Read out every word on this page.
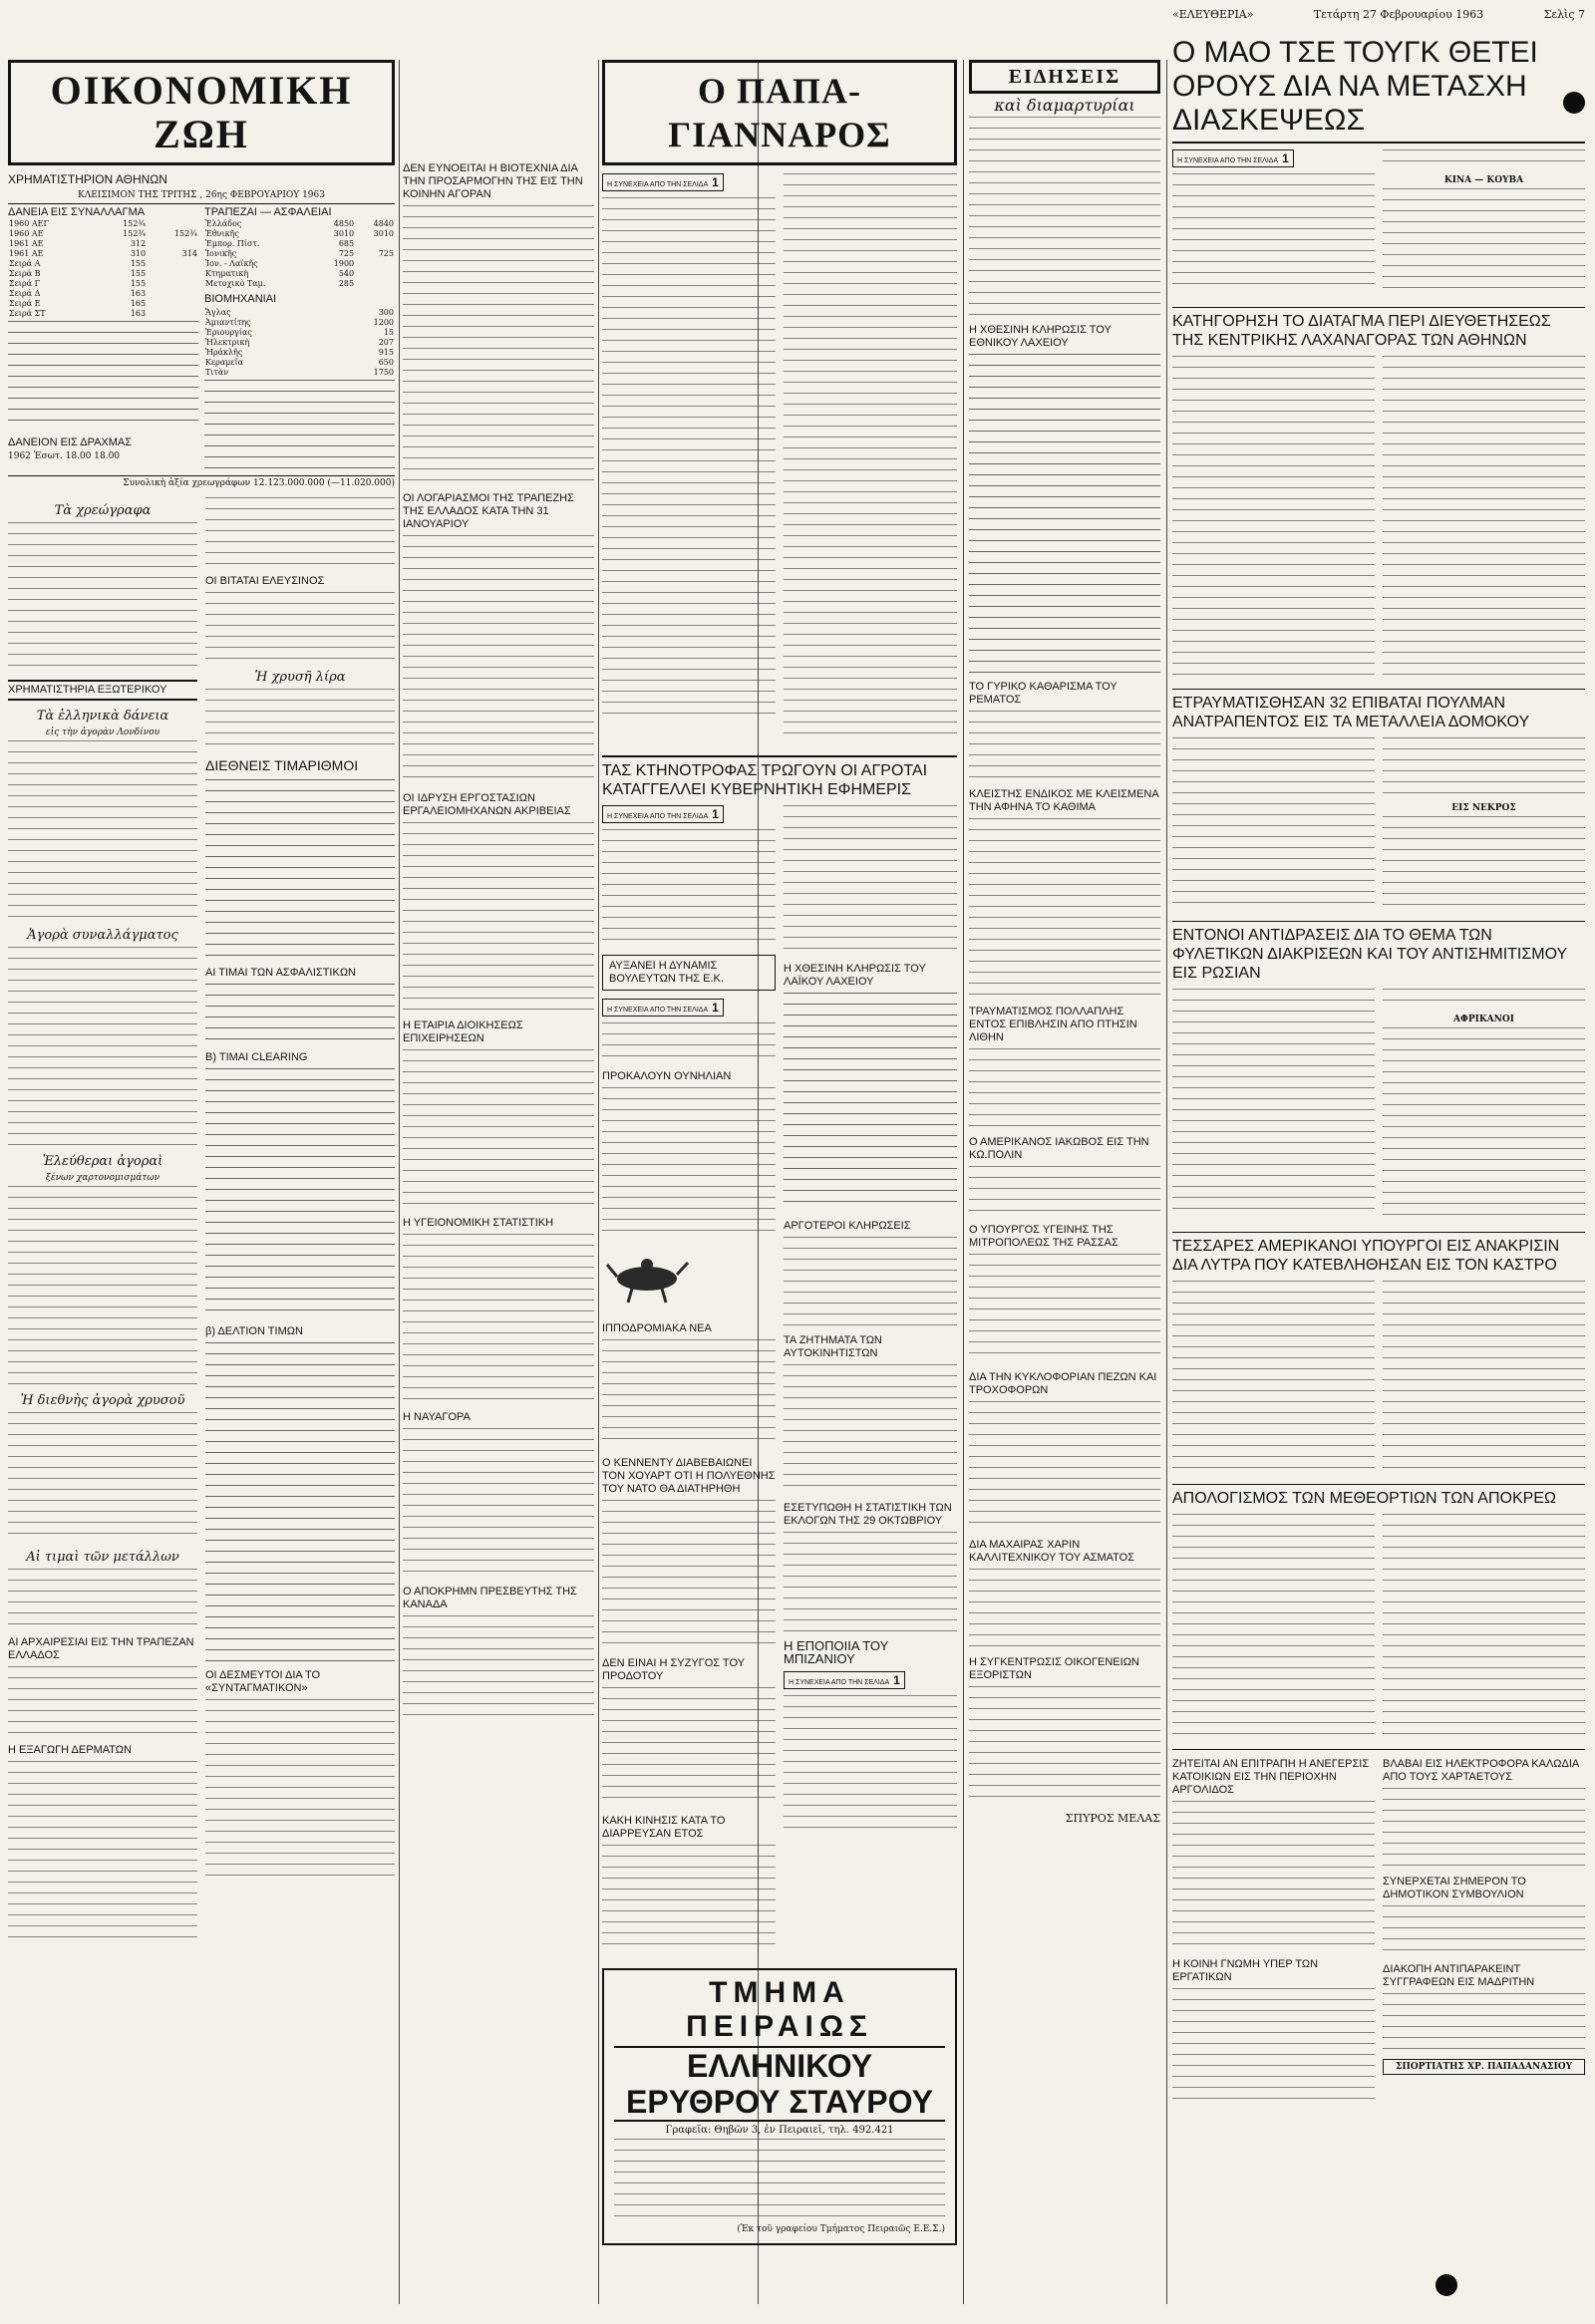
ΟΙΚΟΝΟΜΙΚΗ ΖΩΗ
ΧΡΗΜΑΤΙΣΤΗΡΙΟΝ ΑΘΗΝΩΝ
ΚΛΕΙΣΙΜΟΝ ΤΗΣ ΤΡΙΤΗΣ , 26ης ΦΕΒΡΟΥΑΡΙΟΥ 1963
ΔΑΝΕΙΑ ΕΙΣ ΣΥΝΑΛΛΑΓΜΑ
1960 ΑΕΓ	152¾	
1960 ΑΕ	152¾	152¾
1961 ΑΕ	312	
1961 ΑΕ	310	314
Σειρά Α	155	
Σειρά Β	155	
Σειρά Γ	155	
Σειρά Δ	163	
Σειρά Ε	165	
Σειρά ΣΤ	163	
ΔΑΝΕΙΟΝ ΕΙΣ ΔΡΑΧΜΑΣ
1962 Ἐσωτ. 18.00 18.00
ΤΡΑΠΕΖΑΙ — ΑΣΦΑΛΕΙΑΙ
Ἑλλάδος	4850	4840
Ἐθνικῆς	3010	3010
Ἐμπορ. Πίστ.	685	
Ἰονικῆς	725	725
Ἰον. - Λαϊκῆς	1900	
Κτηματικὴ	540	
Μετοχικὸ Ταμ.	285	
ΒΙΟΜΗΧΑΝΙΑΙ
Ἄγλας	300
Ἀμιαντίτης	1200
Ἐριουργίας	15
Ἠλεκτρικὴ	207
Ἡράκλῆς	915
Κεραμεῖα	650
Τιτὰν	1750
Συνολικὴ ἀξία χρεωγράφων 12.123.000.000 (—11.020.000)
Τὰ χρεώγραφα
ΧΡΗΜΑΤΙΣΤΗΡΙΑ ΕΞΩΤΕΡΙΚΟΥ
Τὰ ἑλληνικὰ δάνεια
εἰς τὴν ἀγορὰν Λονδίνου
Ἀγορὰ συναλλάγματος
Ἐλεύθεραι ἀγοραὶ
ξένων χαρτονομισμάτων
Ἡ διεθνὴς ἀγορὰ χρυσοῦ
Αἱ τιμαὶ τῶν μετάλλων
ΑΙ ΑΡΧΑΙΡΕΣΙΑΙ ΕΙΣ ΤΗΝ ΤΡΑΠΕΖΑΝ ΕΛΛΑΔΟΣ
Η ΕΞΑΓΩΓΗ ΔΕΡΜΑΤΩΝ
ΟΙ ΒΙΤΑΤΑΙ ΕΛΕΥΣΙΝΟΣ
Ἡ χρυσῆ λίρα
ΔΙΕΘΝΕΙΣ ΤΙΜΑΡΙΘΜΟΙ
ΑΙ ΤΙΜΑΙ ΤΩΝ ΑΣΦΑΛΙΣΤΙΚΩΝ
Β) ΤΙΜΑΙ CLEARING
β) ΔΕΛΤΙΟΝ ΤΙΜΩΝ
ΟΙ ΔΕΣΜΕΥΤΟΙ ΔΙΑ ΤΟ «ΣΥΝΤΑΓΜΑΤΙΚΟΝ»
ΔΕΝ ΕΥΝΟΕΙΤΑΙ Η ΒΙΟΤΕΧΝΙΑ ΔΙΑ ΤΗΝ ΠΡΟΣΑΡΜΟΓΗΝ ΤΗΣ ΕΙΣ ΤΗΝ ΚΟΙΝΗΝ ΑΓΟΡΑΝ
ΟΙ ΛΟΓΑΡΙΑΣΜΟΙ ΤΗΣ ΤΡΑΠΕΖΗΣ ΤΗΣ ΕΛΛΑΔΟΣ ΚΑΤΑ ΤΗΝ 31 ΙΑΝΟΥΑΡΙΟΥ
ΟΙ ΙΔΡΥΣΗ ΕΡΓΟΣΤΑΣΙΩΝ ΕΡΓΑΛΕΙΟΜΗΧΑΝΩΝ ΑΚΡΙΒΕΙΑΣ
Η ΕΤΑΙΡΙΑ ΔΙΟΙΚΗΣΕΩΣ ΕΠΙΧΕΙΡΗΣΕΩΝ
Η ΥΓΕΙΟΝΟΜΙΚΗ ΣΤΑΤΙΣΤΙΚΗ
Η ΝΑΥΑΓΟΡΑ
Ο ΑΠΟΚΡΗΜΝ ΠΡΕΣΒΕΥΤΗΣ ΤΗΣ ΚΑΝΑΔΑ
Ο ΠΑΠΑ-ΓΙΑΝΝΑΡΟΣ
Η ΣΥΝΕΧΕΙΑ ΑΠΟ ΤΗΝ ΣΕΛΙΔΑ 1
ΤΑΣ ΚΤΗΝΟΤΡΟΦΑΣ ΤΡΩΓΟΥΝ ΟΙ ΑΓΡΟΤΑΙ ΚΑΤΑΓΓΕΛΛΕΙ ΚΥΒΕΡΝΗΤΙΚΗ ΕΦΗΜΕΡΙΣ
Η ΣΥΝΕΧΕΙΑ ΑΠΟ ΤΗΝ ΣΕΛΙΔΑ 1
ΑΥΞΑΝΕΙ Η ΔΥΝΑΜΙΣ ΒΟΥΛΕΥΤΩΝ ΤΗΣ Ε.Κ.
Η ΣΥΝΕΧΕΙΑ ΑΠΟ ΤΗΝ ΣΕΛΙΔΑ 1
ΠΡΟΚΑΛΟΥΝ ΟΥΝΗΛΙΑΝ
ΙΠΠΟΔΡΟΜΙΑΚΑ ΝΕΑ
Ο ΚΕΝΝΕΝΤΥ ΔΙΑΒΕΒΑΙΩΝΕΙ ΤΟΝ ΧΟΥΑΡΤ ΟΤΙ Η ΠΟΛΥΕΘΝΗΣ ΤΟΥ ΝΑΤΟ ΘΑ ΔΙΑΤΗΡΗΘΗ
ΔΕΝ ΕΙΝΑΙ Η ΣΥΖΥΓΟΣ ΤΟΥ ΠΡΟΔΟΤΟΥ
ΚΑΚΗ ΚΙΝΗΣΙΣ ΚΑΤΑ ΤΟ ΔΙΑΡΡΕΥΣΑΝ ΕΤΟΣ
Η ΧΘΕΣΙΝΗ ΚΛΗΡΩΣΙΣ ΤΟΥ ΛΑΪΚΟΥ ΛΑΧΕΙΟΥ
ΑΡΓΟΤΕΡΟΙ ΚΛΗΡΩΣΕΙΣ
ΤΑ ΖΗΤΗΜΑΤΑ ΤΩΝ ΑΥΤΟΚΙΝΗΤΙΣΤΩΝ
ΕΣΕΤΥΠΩΘΗ Η ΣΤΑΤΙΣΤΙΚΗ ΤΩΝ ΕΚΛΟΓΩΝ ΤΗΣ 29 ΟΚΤΩΒΡΙΟΥ
Η ΕΠΟΠΟΙΙΑ ΤΟΥ ΜΠΙΖΑΝΙΟΥ
Η ΣΥΝΕΧΕΙΑ ΑΠΟ ΤΗΝ ΣΕΛΙΔΑ 1
ΤΜΗΜΑ ΠΕΙΡΑΙΩΣ
ΕΛΛΗΝΙΚΟΥ ΕΡΥΘΡΟΥ ΣΤΑΥΡΟΥ
Γραφεῖα: Θηβῶν 3, ἐν Πειραιεῖ, τηλ. 492.421
(Ἐκ τοῦ γραφείου Τμήματος Πειραιῶς Ε.Ε.Σ.)
ΕΙΔΗΣΕΙΣ
καὶ διαμαρτυρίαι
Η ΧΘΕΣΙΝΗ ΚΛΗΡΩΣΙΣ ΤΟΥ ΕΘΝΙΚΟΥ ΛΑΧΕΙΟΥ
ΤΟ ΓΥΡΙΚΟ ΚΑΘΑΡΙΣΜΑ ΤΟΥ ΡΕΜΑΤΟΣ
ΚΛΕΙΣΤΗΣ ΕΝΔΙΚΟΣ ΜΕ ΚΛΕΙΣΜΕΝΑ ΤΗΝ ΑΦΗΝΑ ΤΟ ΚΑΘΙΜΑ
ΤΡΑΥΜΑΤΙΣΜΟΣ ΠΟΛΛΑΠΛΗΣ ΕΝΤΟΣ ΕΠΙΒΛΗΣΙΝ ΑΠΟ ΠΤΗΣΙΝ ΛΙΘΗΝ
Ο ΑΜΕΡΙΚΑΝΟΣ ΙΑΚΩΒΟΣ ΕΙΣ ΤΗΝ ΚΩ.ΠΟΛΙΝ
Ο ΥΠΟΥΡΓΟΣ ΥΓΕΙΝΗΣ ΤΗΣ ΜΙΤΡΟΠΟΛΕΩΣ ΤΗΣ ΡΑΣΣΑΣ
ΔΙΑ ΤΗΝ ΚΥΚΛΟΦΟΡΙΑΝ ΠΕΖΩΝ ΚΑΙ ΤΡΟΧΟΦΟΡΩΝ
ΔΙΑ ΜΑΧΑΙΡΑΣ ΧΑΡΙΝ ΚΑΛΛΙΤΕΧΝΙΚΟΥ ΤΟΥ ΑΣΜΑΤΟΣ
Η ΣΥΓΚΕΝΤΡΩΣΙΣ ΟΙΚΟΓΕΝΕΙΩΝ ΕΞΟΡΙΣΤΩΝ
ΣΠΥΡΟΣ ΜΕΛΑΣ
«ΕΛΕΥΘΕΡΙΑ»	Τετάρτη 27 Φεβρουαρίου 1963	Σελὶς 7
Ο ΜΑΟ ΤΣΕ ΤΟΥΓΚ ΘΕΤΕΙ ΟΡΟΥΣ ΔΙΑ ΝΑ ΜΕΤΑΣΧΗ ΔΙΑΣΚΕΨΕΩΣ
Η ΣΥΝΕΧΕΙΑ ΑΠΟ ΤΗΝ ΣΕΛΙΔΑ 1
ΚΙΝΑ — ΚΟΥΒΑ
ΚΑΤΗΓΟΡΗΣΗ ΤΟ ΔΙΑΤΑΓΜΑ ΠΕΡΙ ΔΙΕΥΘΕΤΗΣΕΩΣ ΤΗΣ ΚΕΝΤΡΙΚΗΣ ΛΑΧΑΝΑΓΟΡΑΣ ΤΩΝ ΑΘΗΝΩΝ
ΕΤΡΑΥΜΑΤΙΣΘΗΣΑΝ 32 ΕΠΙΒΑΤΑΙ ΠΟΥΛΜΑΝ ΑΝΑΤΡΑΠΕΝΤΟΣ ΕΙΣ ΤΑ ΜΕΤΑΛΛΕΙΑ ΔΟΜΟΚΟΥ
ΕΙΣ ΝΕΚΡΟΣ
ΕΝΤΟΝΟΙ ΑΝΤΙΔΡΑΣΕΙΣ ΔΙΑ ΤΟ ΘΕΜΑ ΤΩΝ ΦΥΛΕΤΙΚΩΝ ΔΙΑΚΡΙΣΕΩΝ ΚΑΙ ΤΟΥ ΑΝΤΙΣΗΜΙΤΙΣΜΟΥ ΕΙΣ ΡΩΣΙΑΝ
ΑΦΡΙΚΑΝΟΙ
ΤΕΣΣΑΡΕΣ ΑΜΕΡΙΚΑΝΟΙ ΥΠΟΥΡΓΟΙ ΕΙΣ ΑΝΑΚΡΙΣΙΝ ΔΙΑ ΛΥΤΡΑ ΠΟΥ ΚΑΤΕΒΛΗΘΗΣΑΝ ΕΙΣ ΤΟΝ ΚΑΣΤΡΟ
ΑΠΟΛΟΓΙΣΜΟΣ ΤΩΝ ΜΕΘΕΟΡΤΙΩΝ ΤΩΝ ΑΠΟΚΡΕΩ
ΖΗΤΕΙΤΑΙ ΑΝ ΕΠΙΤΡΑΠΗ Η ΑΝΕΓΕΡΣΙΣ ΚΑΤΟΙΚΙΩΝ ΕΙΣ ΤΗΝ ΠΕΡΙΟΧΗΝ ΑΡΓΟΛΙΔΟΣ
Η ΚΟΙΝΗ ΓΝΩΜΗ ΥΠΕΡ ΤΩΝ ΕΡΓΑΤΙΚΩΝ
ΒΛΑΒΑΙ ΕΙΣ ΗΛΕΚΤΡΟΦΟΡΑ ΚΑΛΩΔΙΑ ΑΠΟ ΤΟΥΣ ΧΑΡΤΑΕΤΟΥΣ
ΣΥΝΕΡΧΕΤΑΙ ΣΗΜΕΡΟΝ ΤΟ ΔΗΜΟΤΙΚΟΝ ΣΥΜΒΟΥΛΙΟΝ
ΔΙΑΚΟΠΗ ΑΝΤΙΠΑΡΑΚΕΙΝΤ ΣΥΓΓΡΑΦΕΩΝ ΕΙΣ ΜΑΔΡΙΤΗΝ
ΣΠΟΡΤΙΑΤΗΣ ΧΡ. ΠΑΠΑΔΑΝΑΣΙΟΥ
